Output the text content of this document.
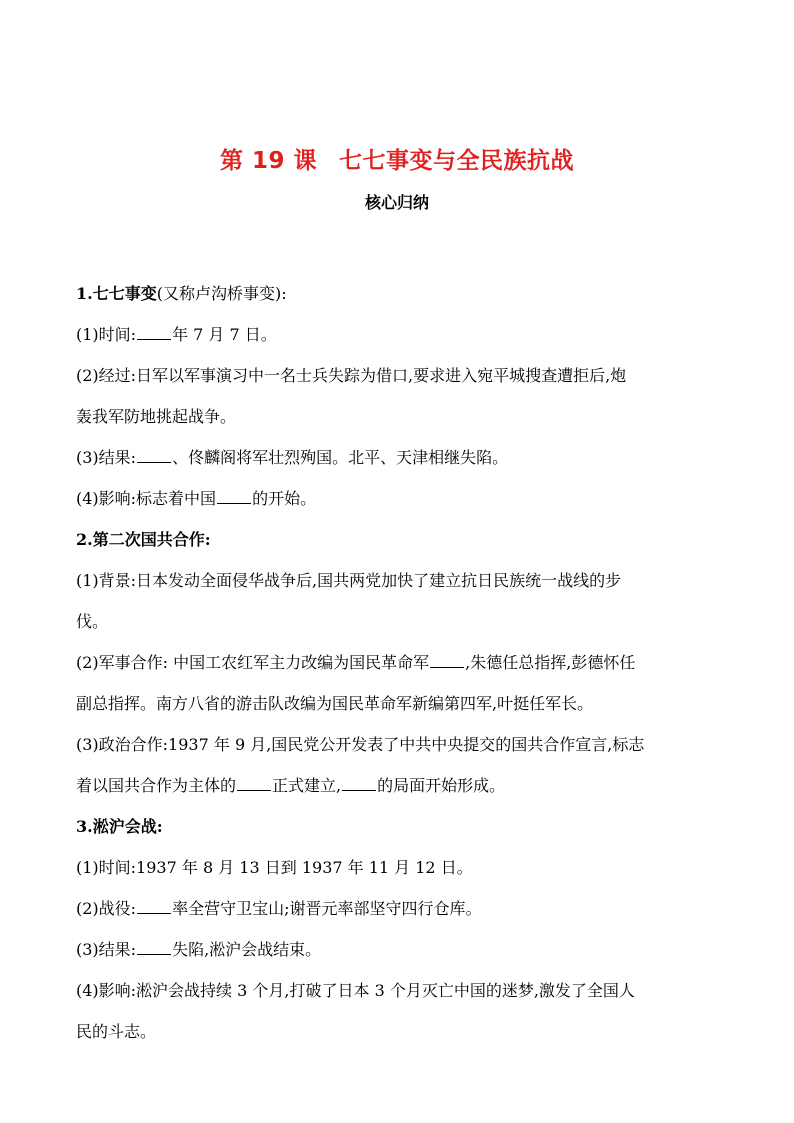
第 19 课 七七事变与全民族抗战
核心归纳
1.七七事变(又称卢沟桥事变):
(1)时间: 年 7 月 7 日。
(2)经过:日军以军事演习中一名士兵失踪为借口,要求进入宛平城搜查遭拒后,炮
轰我军防地挑起战争。
(3)结果: 、佟麟阁将军壮烈殉国。北平、天津相继失陷。
(4)影响:标志着中国 的开始。
2.第二次国共合作:
(1)背景:日本发动全面侵华战争后,国共两党加快了建立抗日民族统一战线的步
伐。
(2)军事合作: 中国工农红军主力改编为国民革命军 ,朱德任总指挥,彭德怀任
副总指挥。南方八省的游击队改编为国民革命军新编第四军,叶挺任军长。
(3)政治合作:1937 年 9 月,国民党公开发表了中共中央提交的国共合作宣言,标志
着以国共合作为主体的 正式建立, 的局面开始形成。
3.淞沪会战:
(1)时间:1937 年 8 月 13 日到 1937 年 11 月 12 日。
(2)战役: 率全营守卫宝山;谢晋元率部坚守四行仓库。
(3)结果: 失陷,淞沪会战结束。
(4)影响:淞沪会战持续 3 个月,打破了日本 3 个月灭亡中国的迷梦,激发了全国人
民的斗志。
